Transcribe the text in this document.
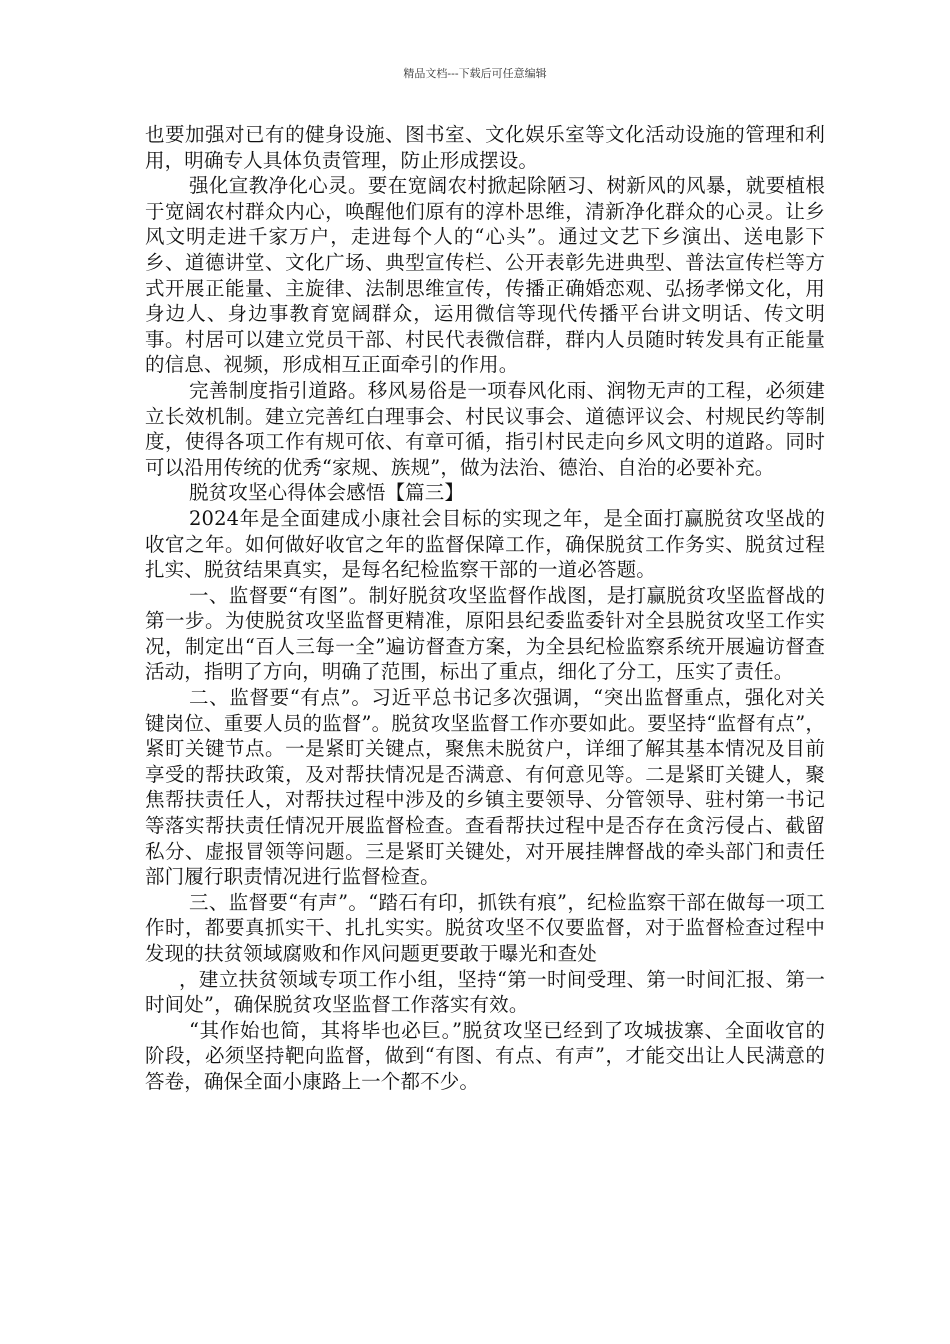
精品文档---下载后可任意编辑

也要加强对已有的健身设施、图书室、文化娱乐室等文化活动设施的管理和利用，明确专人具体负责管理，防止形成摆设。

强化宣教净化心灵。要在宽阔农村掀起除陋习、树新风的风暴，就要植根于宽阔农村群众内心，唤醒他们原有的淳朴思维，清新净化群众的心灵。让乡风文明走进千家万户，走进每个人的“心头”。通过文艺下乡演出、送电影下乡、道德讲堂、文化广场、典型宣传栏、公开表彰先进典型、普法宣传栏等方式开展正能量、主旋律、法制思维宣传，传播正确婚恋观、弘扬孝悌文化，用身边人、身边事教育宽阔群众，运用微信等现代传播平台讲文明话、传文明事。村居可以建立党员干部、村民代表微信群，群内人员随时转发具有正能量的信息、视频，形成相互正面牵引的作用。

完善制度指引道路。移风易俗是一项春风化雨、润物无声的工程，必须建立长效机制。建立完善红白理事会、村民议事会、道德评议会、村规民约等制度，使得各项工作有规可依、有章可循，指引村民走向乡风文明的道路。同时可以沿用传统的优秀“家规、族规”，做为法治、德治、自治的必要补充。

脱贫攻坚心得体会感悟【篇三】

2024年是全面建成小康社会目标的实现之年，是全面打赢脱贫攻坚战的收官之年。如何做好收官之年的监督保障工作，确保脱贫工作务实、脱贫过程扎实、脱贫结果真实，是每名纪检监察干部的一道必答题。

一、监督要“有图”。制好脱贫攻坚监督作战图，是打赢脱贫攻坚监督战的第一步。为使脱贫攻坚监督更精准，原阳县纪委监委针对全县脱贫攻坚工作实况，制定出“百人三每一全”遍访督查方案，为全县纪检监察系统开展遍访督查活动，指明了方向，明确了范围，标出了重点，细化了分工，压实了责任。

二、监督要“有点”。习近平总书记多次强调，“突出监督重点，强化对关键岗位、重要人员的监督”。脱贫攻坚监督工作亦要如此。要坚持“监督有点”，紧盯关键节点。一是紧盯关键点，聚焦未脱贫户，详细了解其基本情况及目前享受的帮扶政策，及对帮扶情况是否满意、有何意见等。二是紧盯关键人，聚焦帮扶责任人，对帮扶过程中涉及的乡镇主要领导、分管领导、驻村第一书记等落实帮扶责任情况开展监督检查。查看帮扶过程中是否存在贪污侵占、截留私分、虚报冒领等问题。三是紧盯关键处，对开展挂牌督战的牵头部门和责任部门履行职责情况进行监督检查。

三、监督要“有声”。“踏石有印，抓铁有痕”，纪检监察干部在做每一项工作时，都要真抓实干、扎扎实实。脱贫攻坚不仅要监督，对于监督检查过程中发现的扶贫领域腐败和作风问题更要敢于曝光和查处

，建立扶贫领域专项工作小组，坚持“第一时间受理、第一时间汇报、第一时间处”，确保脱贫攻坚监督工作落实有效。

“其作始也简，其将毕也必巨。”脱贫攻坚已经到了攻城拔寨、全面收官的阶段，必须坚持靶向监督，做到“有图、有点、有声”，才能交出让人民满意的答卷，确保全面小康路上一个都不少。
